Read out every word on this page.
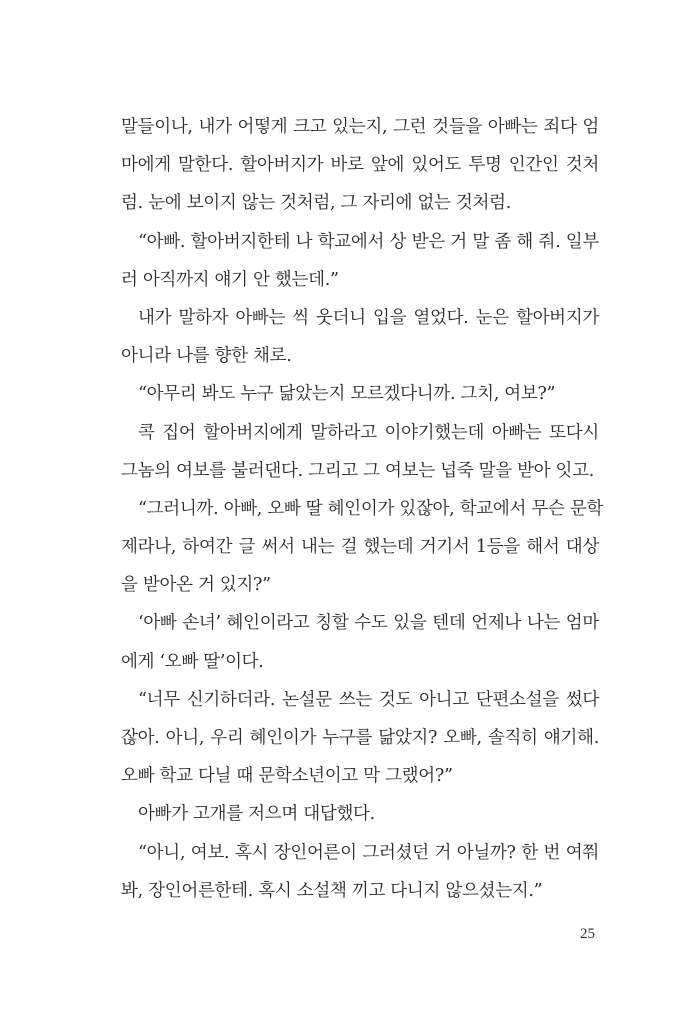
말들이나, 내가 어떻게 크고 있는지, 그런 것들을 아빠는 죄다 엄
마에게 말한다. 할아버지가 바로 앞에 있어도 투명 인간인 것처
럼. 눈에 보이지 않는 것처럼, 그 자리에 없는 것처럼.
“아빠. 할아버지한테 나 학교에서 상 받은 거 말 좀 해 줘. 일부
러 아직까지 얘기 안 했는데.”
내가 말하자 아빠는 씩 웃더니 입을 열었다. 눈은 할아버지가
아니라 나를 향한 채로.
“아무리 봐도 누구 닮았는지 모르겠다니까. 그치, 여보?”
콕 집어 할아버지에게 말하라고 이야기했는데 아빠는 또다시
그놈의 여보를 불러댄다. 그리고 그 여보는 넙죽 말을 받아 잇고.
“그러니까. 아빠, 오빠 딸 혜인이가 있잖아, 학교에서 무슨 문학
제라나, 하여간 글 써서 내는 걸 했는데 거기서 1등을 해서 대상
을 받아온 거 있지?”
‘아빠 손녀’ 혜인이라고 칭할 수도 있을 텐데 언제나 나는 엄마
에게 ‘오빠 딸’이다.
“너무 신기하더라. 논설문 쓰는 것도 아니고 단편소설을 썼다
잖아. 아니, 우리 혜인이가 누구를 닮았지? 오빠, 솔직히 얘기해.
오빠 학교 다닐 때 문학소년이고 막 그랬어?”
아빠가 고개를 저으며 대답했다.
“아니, 여보. 혹시 장인어른이 그러셨던 거 아닐까? 한 번 여쭤
봐, 장인어른한테. 혹시 소설책 끼고 다니지 않으셨는지.”
25
